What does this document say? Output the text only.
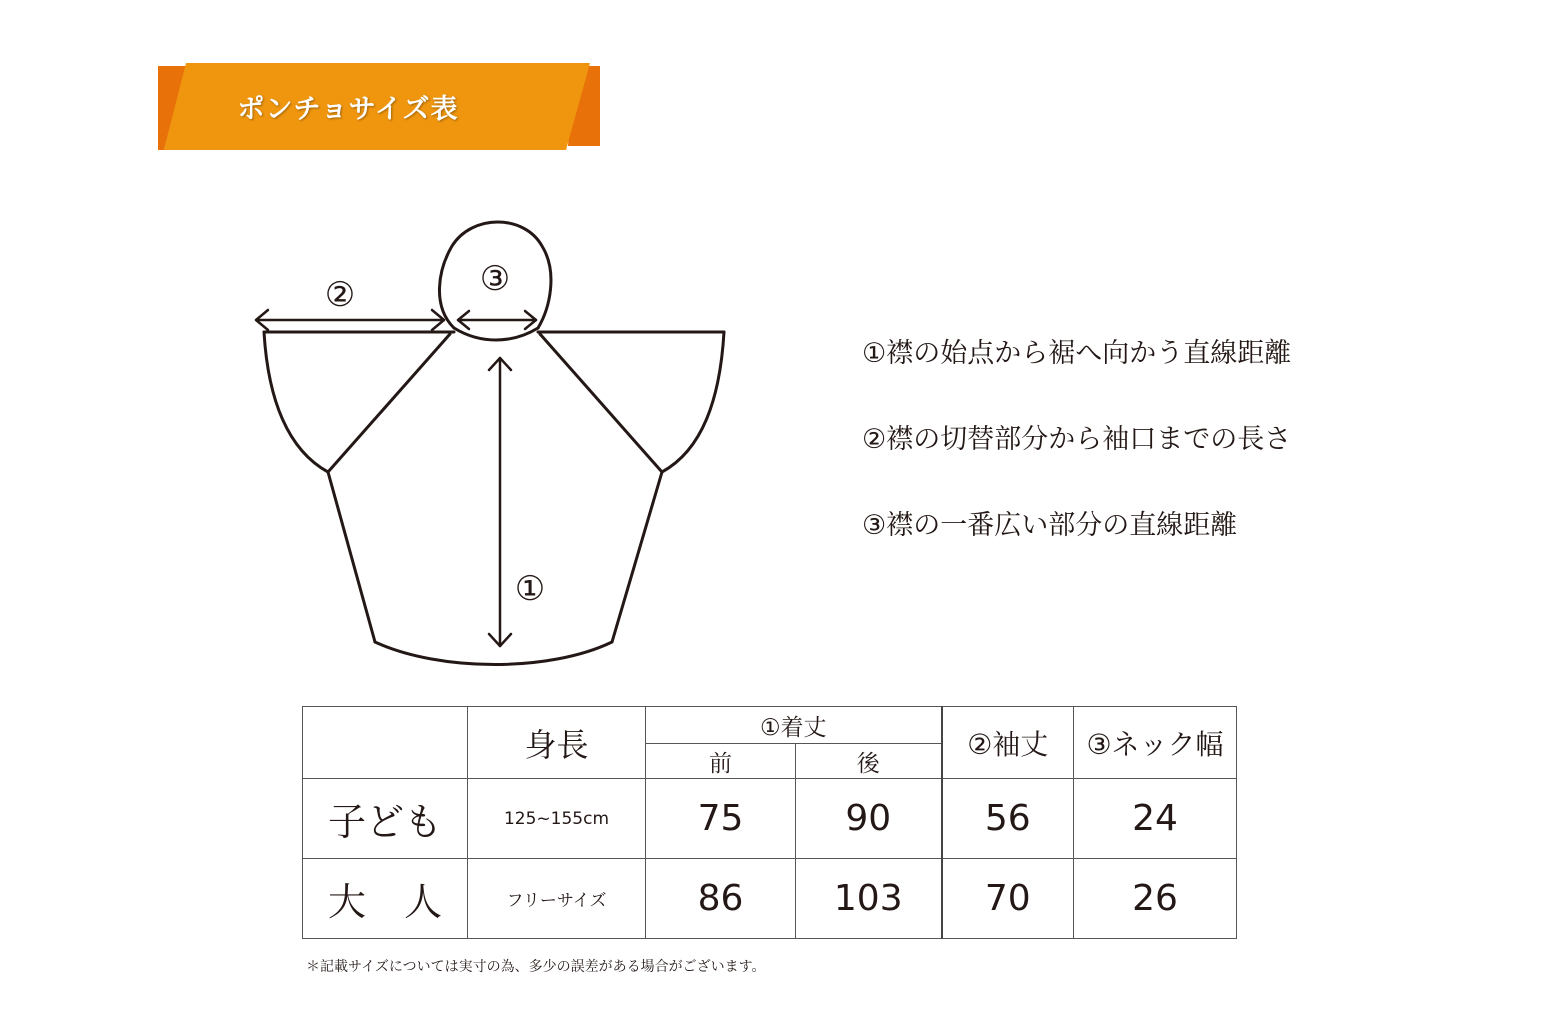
ポンチョサイズ表
②	③
①
①襟の始点から裾へ向かう直線距離
②襟の切替部分から袖口までの長さ
③襟の一番広い部分の直線距離
	身長	①着丈		②袖丈	③ネック幅
		前	後		
子ども	125~155cm	75	90	56	24
大　人	フリーサイズ	86	103	70	26
＊記載サイズについては実寸の為、多少の誤差がある場合がございます。
